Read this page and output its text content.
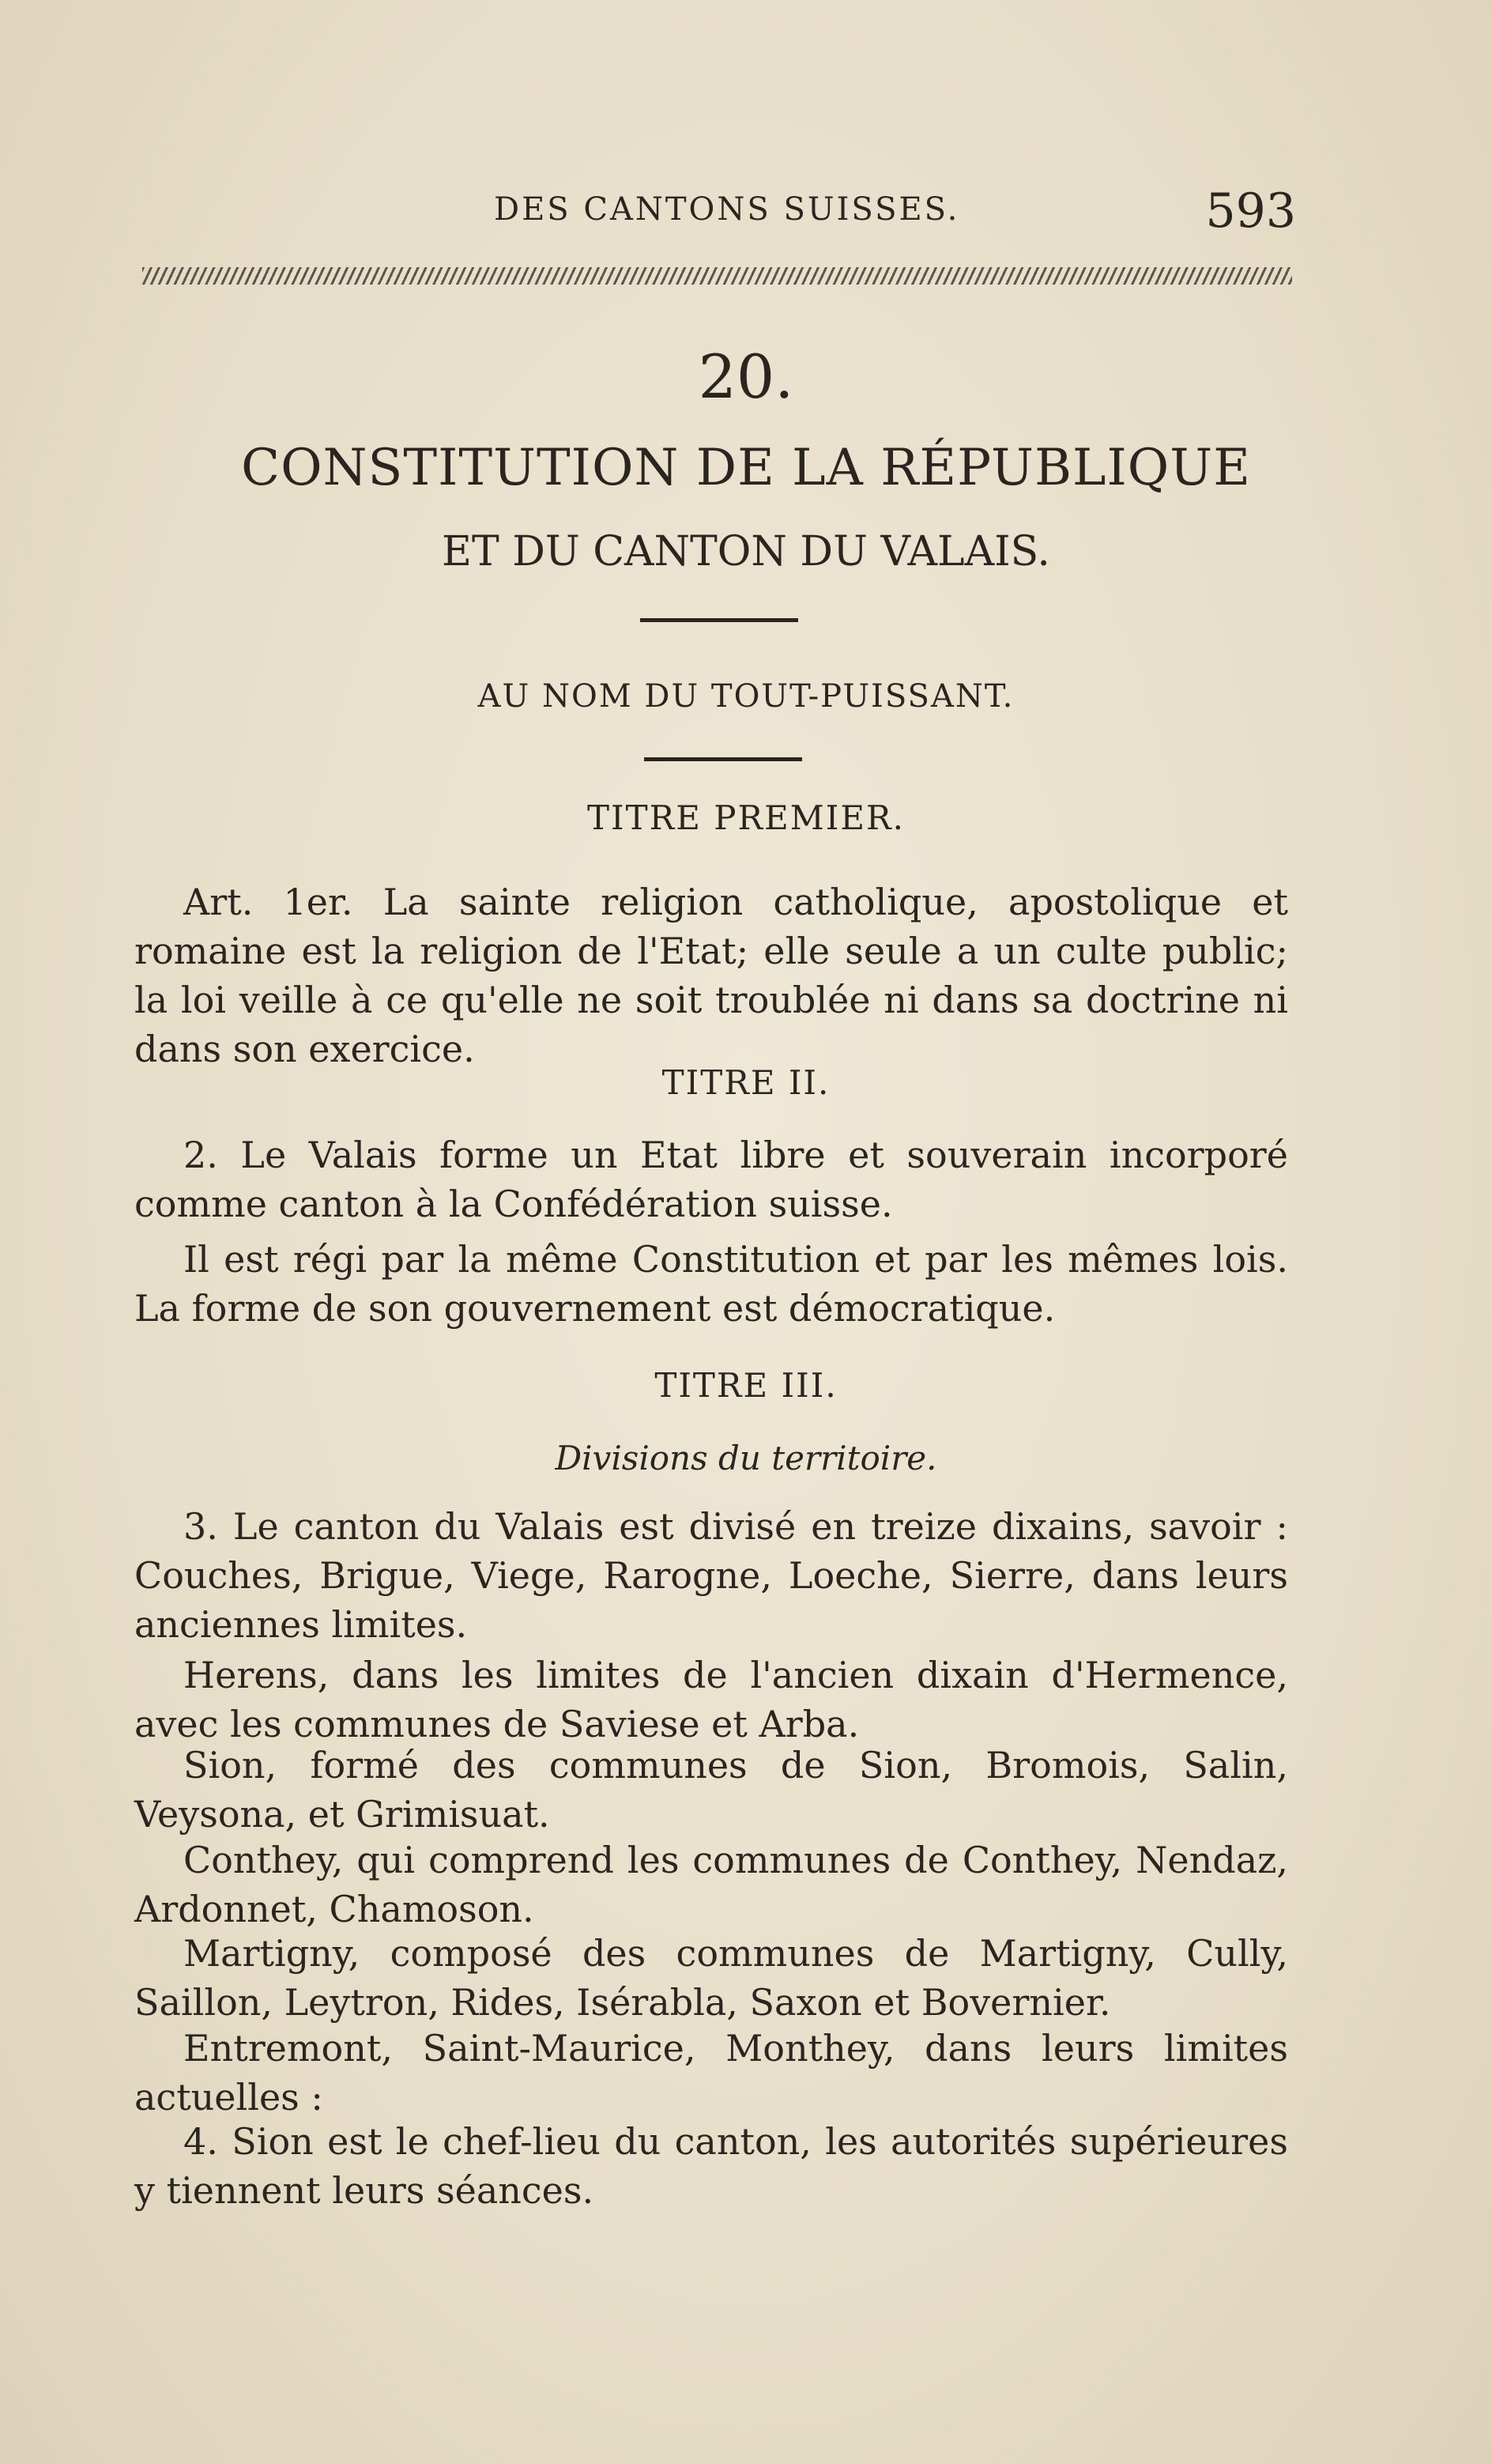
DES CANTONS SUISSES.	593
20.
CONSTITUTION DE LA RÉPUBLIQUE
ET DU CANTON DU VALAIS.
AU NOM DU TOUT-PUISSANT.
TITRE PREMIER.

Art. 1er. La sainte religion catholique, apostolique et romaine est la religion de l'Etat; elle seule a un culte public; la loi veille à ce qu'elle ne soit troublée ni dans sa doctrine ni dans son exercice.

TITRE II.

2. Le Valais forme un Etat libre et souverain incorporé comme canton à la Confédération suisse.

Il est régi par la même Constitution et par les mêmes lois. La forme de son gouvernement est démocratique.

TITRE III.
Divisions du territoire.

3. Le canton du Valais est divisé en treize dixains, savoir : Couches, Brigue, Viege, Rarogne, Loeche, Sierre, dans leurs anciennes limites.

Herens, dans les limites de l'ancien dixain d'Hermence, avec les communes de Saviese et Arba.

Sion, formé des communes de Sion, Bromois, Salin, Veysona, et Grimisuat.

Conthey, qui comprend les communes de Conthey, Nendaz, Ardonnet, Chamoson.

Martigny, composé des communes de Martigny, Cully, Saillon, Leytron, Rides, Isérabla, Saxon et Bovernier.

Entremont, Saint-Maurice, Monthey, dans leurs limites actuelles :

4. Sion est le chef-lieu du canton, les autorités supérieures y tiennent leurs séances.
